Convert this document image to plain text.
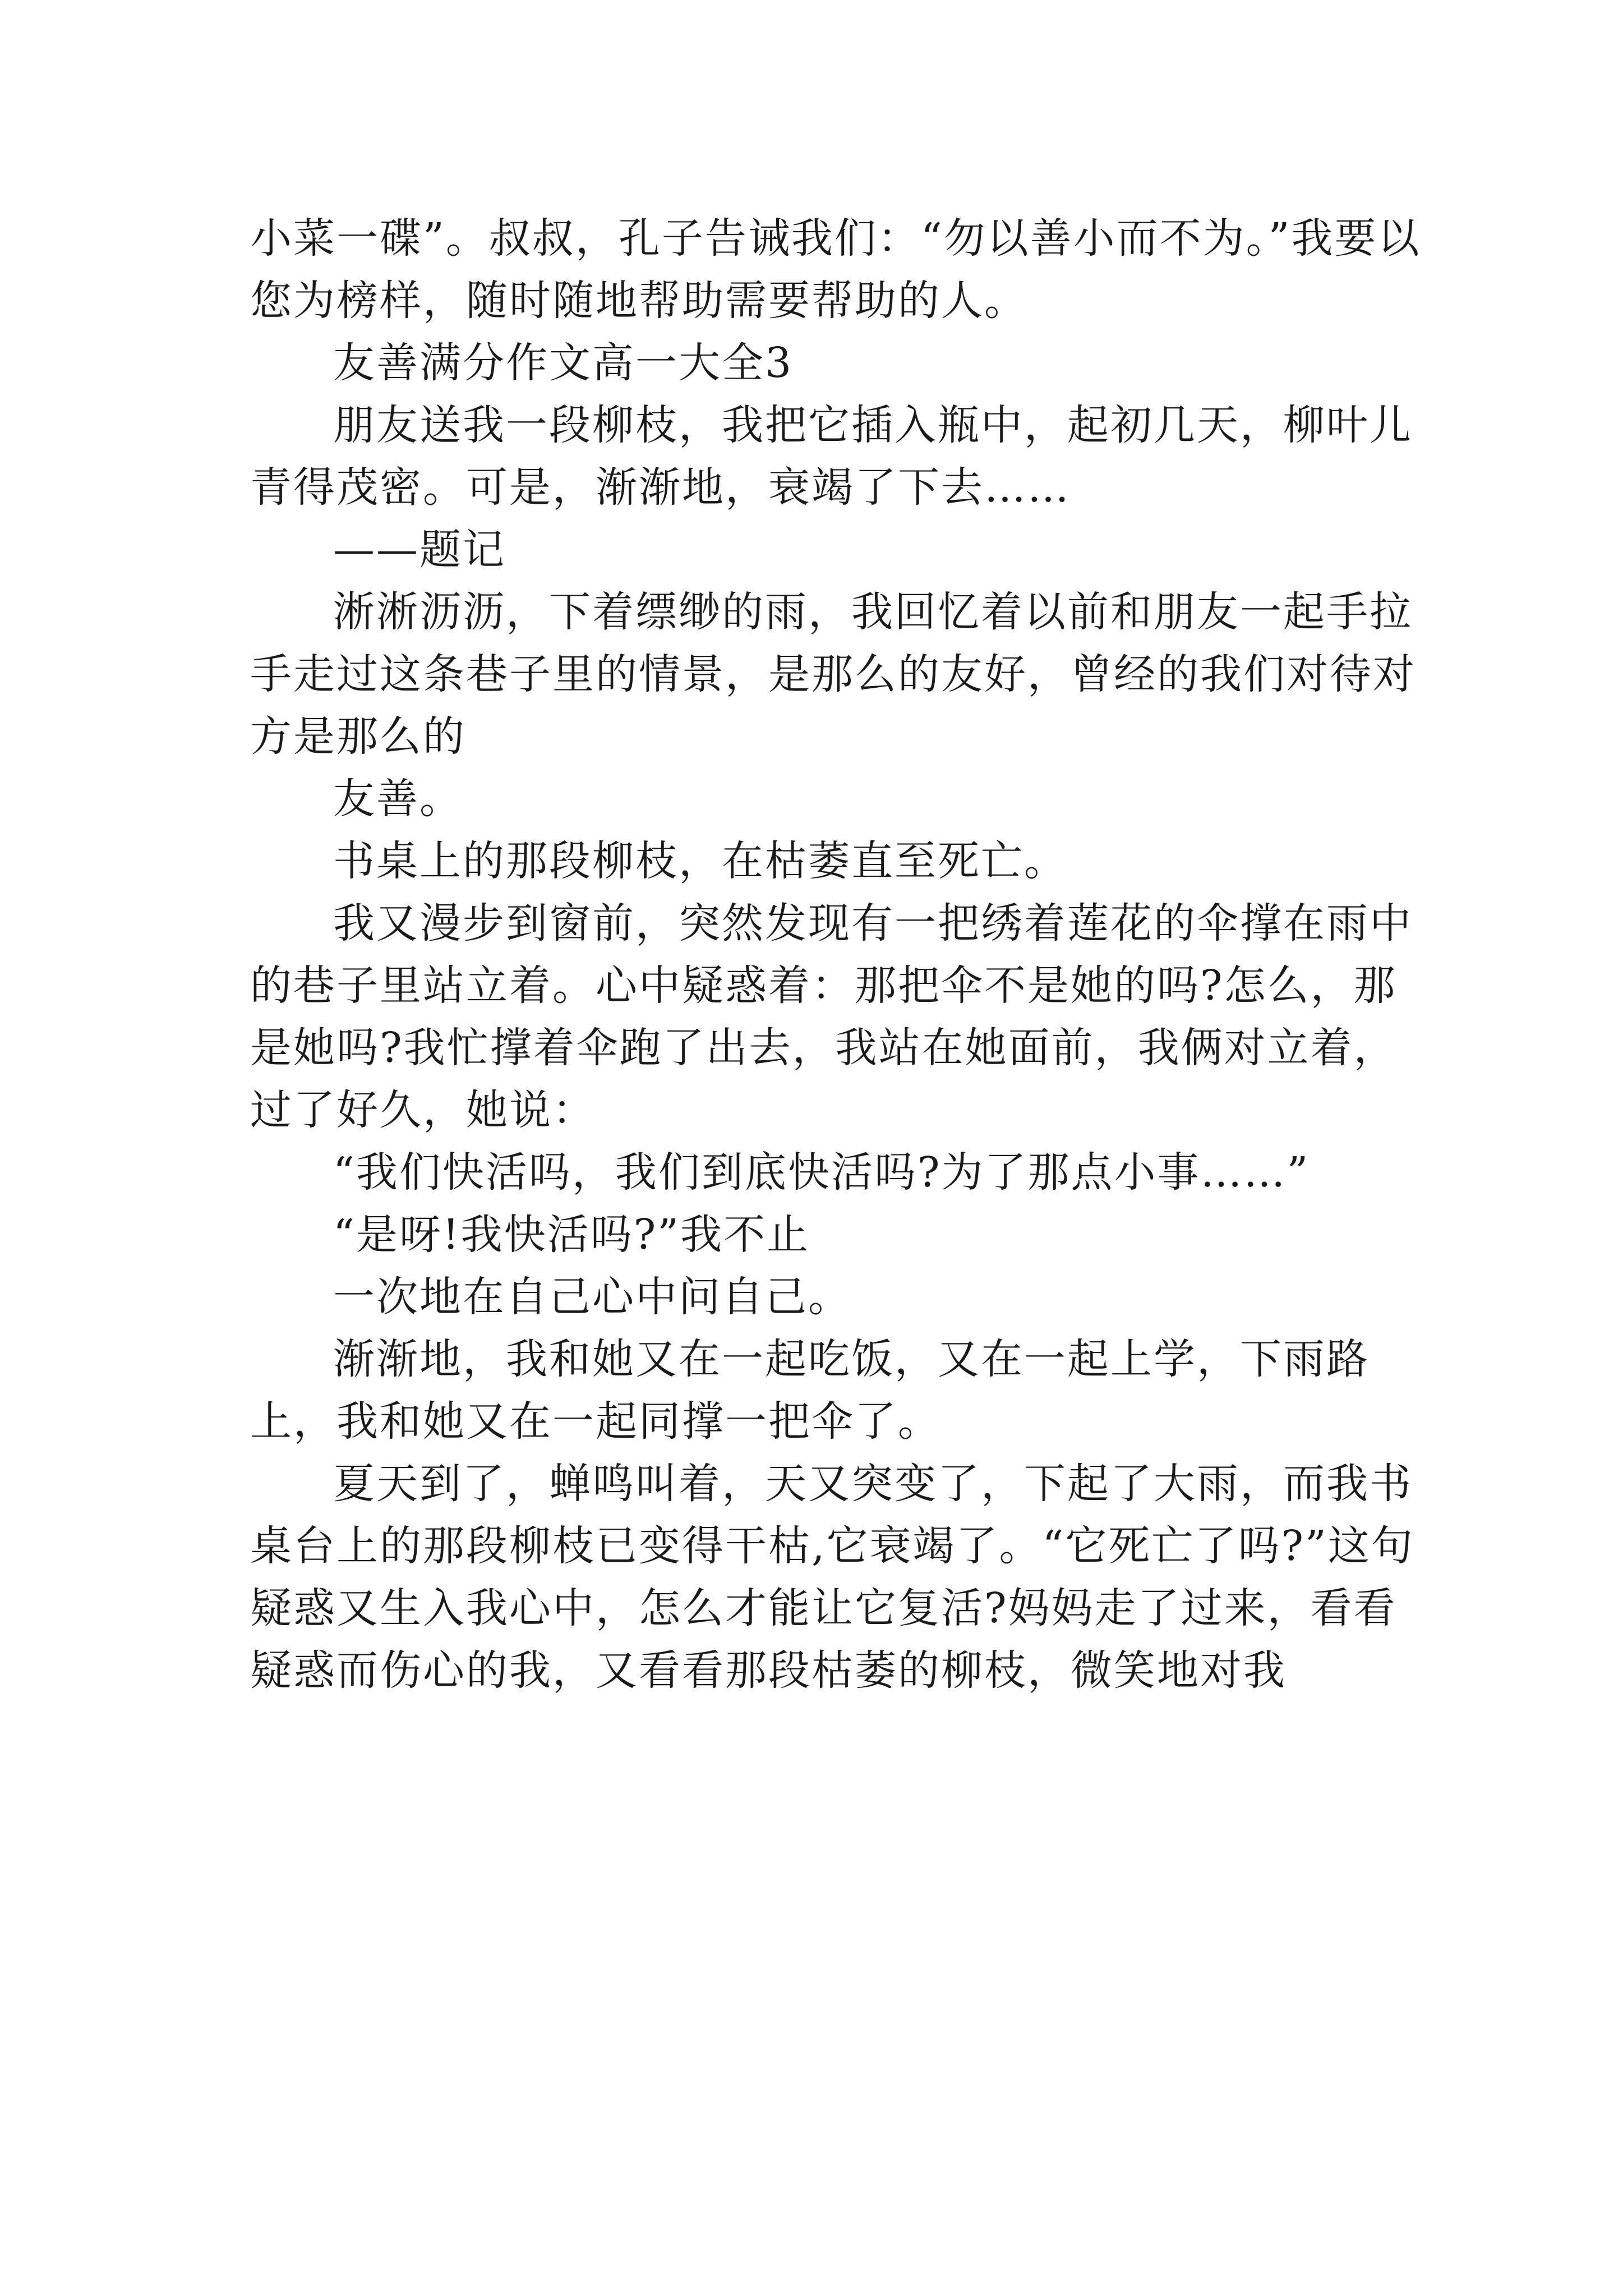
小菜一碟”。叔叔，孔子告诫我们：“勿以善小而不为。”我要以您为榜样，随时随地帮助需要帮助的人。

友善满分作文高一大全3

朋友送我一段柳枝，我把它插入瓶中，起初几天，柳叶儿青得茂密。可是，渐渐地，衰竭了下去……

——题记

淅淅沥沥，下着缥缈的雨，我回忆着以前和朋友一起手拉手走过这条巷子里的情景，是那么的友好，曾经的我们对待对方是那么的

友善。

书桌上的那段柳枝，在枯萎直至死亡。

我又漫步到窗前，突然发现有一把绣着莲花的伞撑在雨中的巷子里站立着。心中疑惑着：那把伞不是她的吗?怎么，那是她吗?我忙撑着伞跑了出去，我站在她面前，我俩对立着，过了好久，她说：

“我们快活吗，我们到底快活吗?为了那点小事……”

“是呀!我快活吗?”我不止

一次地在自己心中问自己。

渐渐地，我和她又在一起吃饭，又在一起上学，下雨路上，我和她又在一起同撑一把伞了。

夏天到了，蝉鸣叫着，天又突变了，下起了大雨，而我书桌台上的那段柳枝已变得干枯,它衰竭了。“它死亡了吗?”这句疑惑又生入我心中，怎么才能让它复活?妈妈走了过来，看看疑惑而伤心的我，又看看那段枯萎的柳枝，微笑地对我
